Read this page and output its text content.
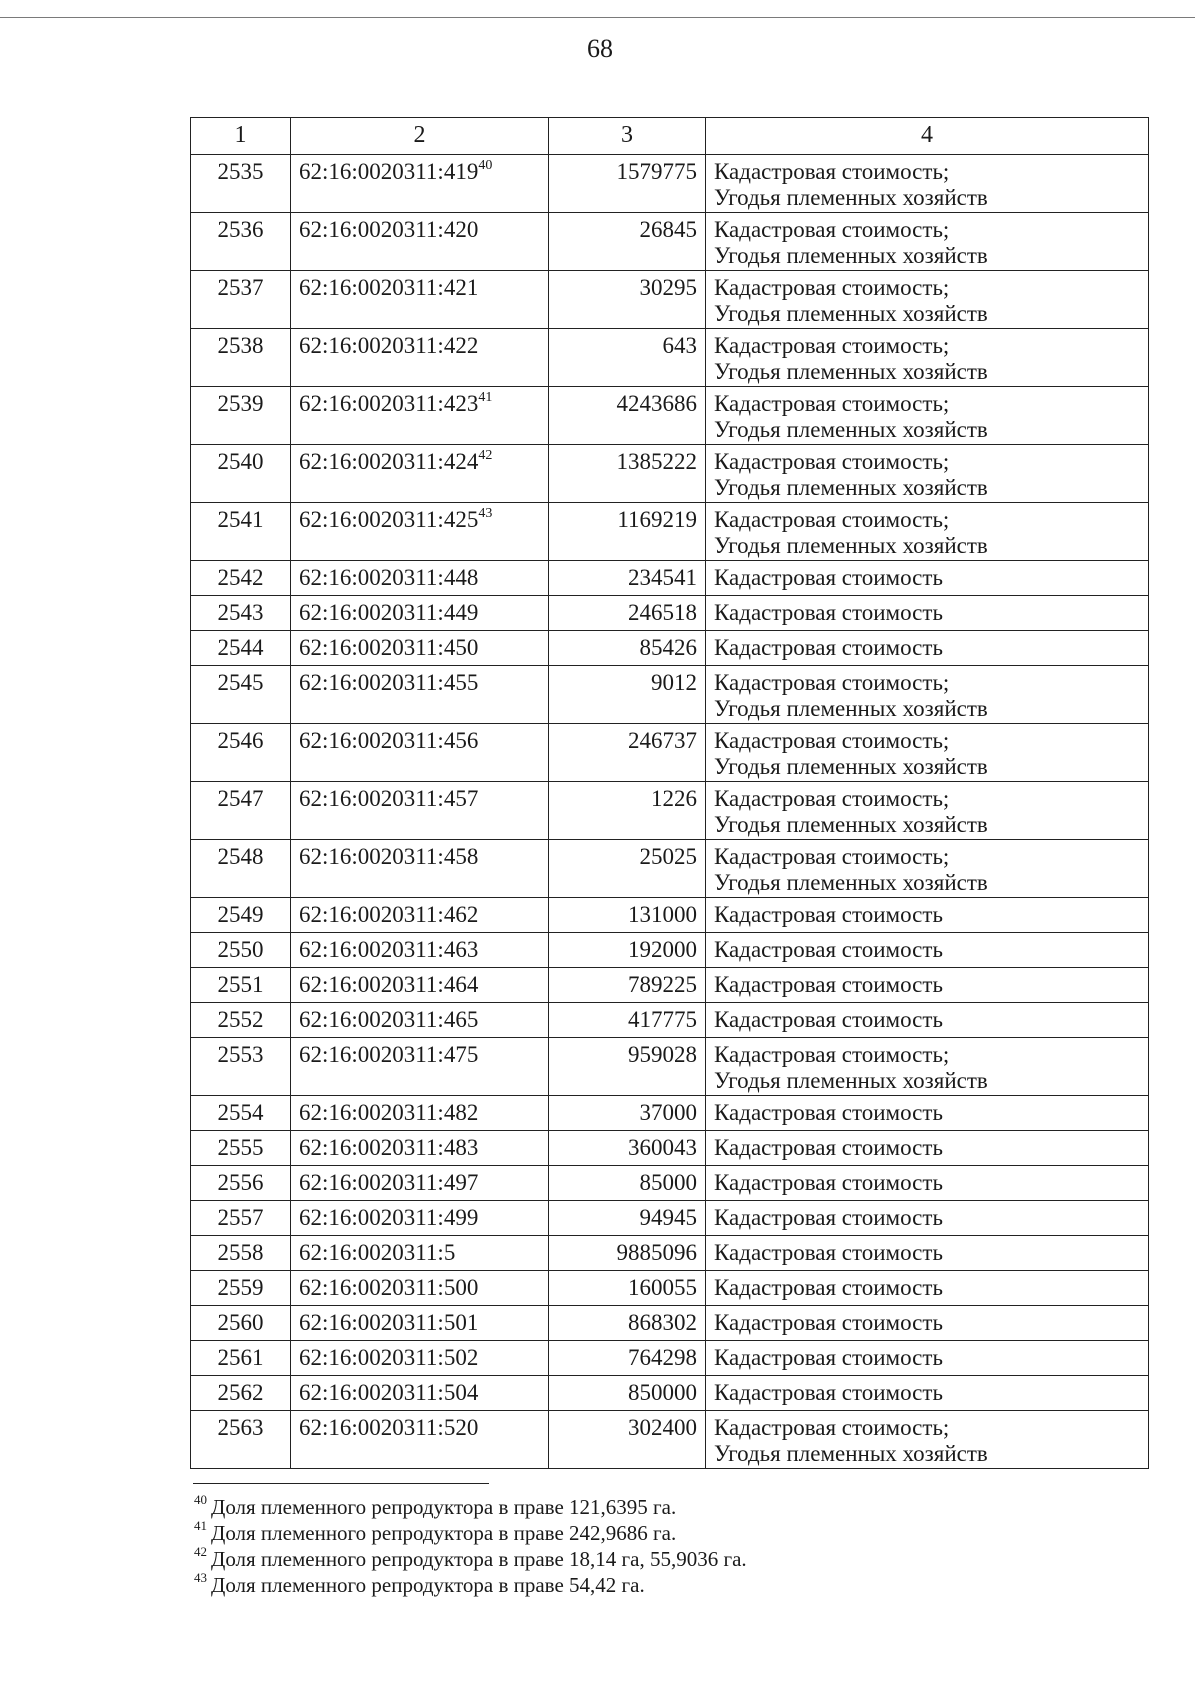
68
1	2	3	4
2535	$62:16:0020311:419^{40}$	1579775	Кадастровая стоимость;
Угодья племенных хозяйств

2536	62:16:0020311:420	26845	Кадастровая стоимость;
Угодья племенных хозяйств

2537	62:16:0020311:421	30295	Кадастровая стоимость;
Угодья племенных хозяйств

2538	62:16:0020311:422	643	Кадастровая стоимость;
Угодья племенных хозяйств

2539	$62:16:0020311:423^{41}$	4243686	Кадастровая стоимость;
Угодья племенных хозяйств

2540	$62:16:0020311:424^{42}$	1385222	Кадастровая стоимость;
Угодья племенных хозяйств

2541	$62:16:0020311:425^{43}$	1169219	Кадастровая стоимость;
Угодья племенных хозяйств

2542	62:16:0020311:448	234541	Кадастровая стоимость

2543	62:16:0020311:449	246518	Кадастровая стоимость

2544	62:16:0020311:450	85426	Кадастровая стоимость

2545	62:16:0020311:455	9012	Кадастровая стоимость;
Угодья племенных хозяйств

2546	62:16:0020311:456	246737	Кадастровая стоимость;
Угодья племенных хозяйств

2547	62:16:0020311:457	1226	Кадастровая стоимость;
Угодья племенных хозяйств

2548	62:16:0020311:458	25025	Кадастровая стоимость;
Угодья племенных хозяйств

2549	62:16:0020311:462	131000	Кадастровая стоимость

2550	62:16:0020311:463	192000	Кадастровая стоимость

2551	62:16:0020311:464	789225	Кадастровая стоимость

2552	62:16:0020311:465	417775	Кадастровая стоимость

2553	62:16:0020311:475	959028	Кадастровая стоимость;
Угодья племенных хозяйств

2554	62:16:0020311:482	37000	Кадастровая стоимость

2555	62:16:0020311:483	360043	Кадастровая стоимость

2556	62:16:0020311:497	85000	Кадастровая стоимость

2557	62:16:0020311:499	94945	Кадастровая стоимость

2558	62:16:0020311:5	9885096	Кадастровая стоимость

2559	62:16:0020311:500	160055	Кадастровая стоимость

2560	62:16:0020311:501	868302	Кадастровая стоимость

2561	62:16:0020311:502	764298	Кадастровая стоимость

2562	62:16:0020311:504	850000	Кадастровая стоимость

2563	62:16:0020311:520	302400	Кадастровая стоимость;
Угодья племенных хозяйств
$^{40}$ Доля племенного репродуктора в праве 121,6395 га.
$^{41}$ Доля племенного репродуктора в праве 242,9686 га.
$^{42}$ Доля племенного репродуктора в праве 18,14 га, 55,9036 га.
$^{43}$ Доля племенного репродуктора в праве 54,42 га.
